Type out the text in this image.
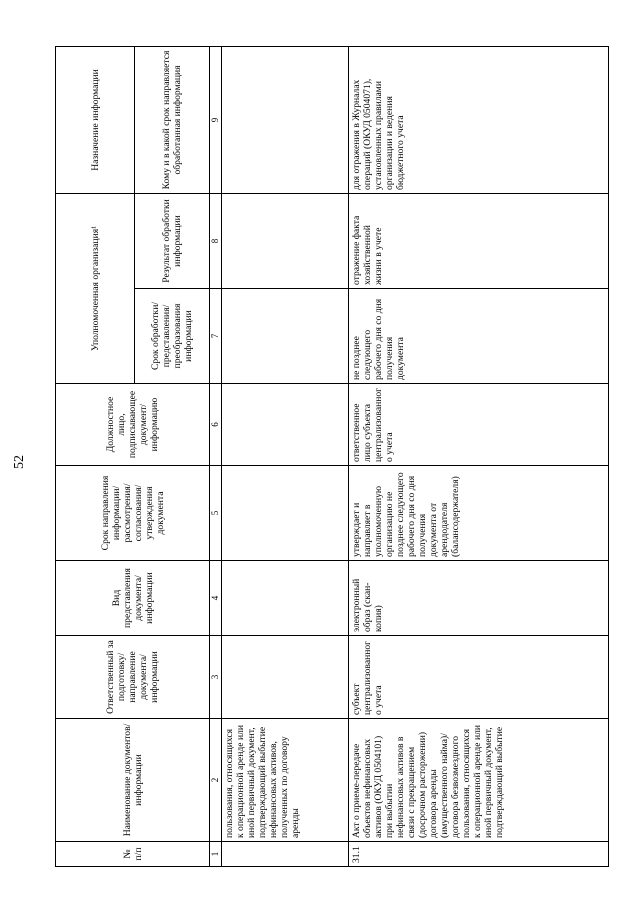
52
№ п/п	Наименование документов/ информации	Ответственный за подготовку/ направление документа/ информации	Вид представления документа/ информации	Срок направления информации/ рассмотрения/ согласования/ утверждения документа	Должностное лицо, подписывающее документ/ информацию	Уполномоченная организация¹		Назначение информации
						Срок обработки/ представления/ преобразования информации	Результат обработки информации	Кому и в какой срок направляется обработанная информация
1	2	3	4	5	6	7	8	9
	пользования, относящихся к операционной аренде или иной первичный документ, подтверждающий выбытие нефинансовых активов, полученных по договору аренды							
31.1	Акт о приеме-передаче объектов нефинансовых активов (ОКУД 0504101) при выбытии нефинансовых активов в связи с прекращением (досрочном расторжении) договора аренды (имущественного найма)/договора безвозмездного пользования, относящихся к операционной аренде или иной первичный документ, подтверждающий выбытие	субъект централизованного учета	электронный образ (скан-копия)	утверждает и направляет в уполномоченную организацию не позднее следующего рабочего дня со дня получения документа от арендодателя (балансодержателя)	ответственное лицо субъекта централизованного учета	не позднее следующего рабочего дня со дня получения документа	отражение факта хозяйственной жизни в учете	для отражения в Журналах операций (ОКУД 0504071), установленных правилами организации и ведения бюджетного учета
